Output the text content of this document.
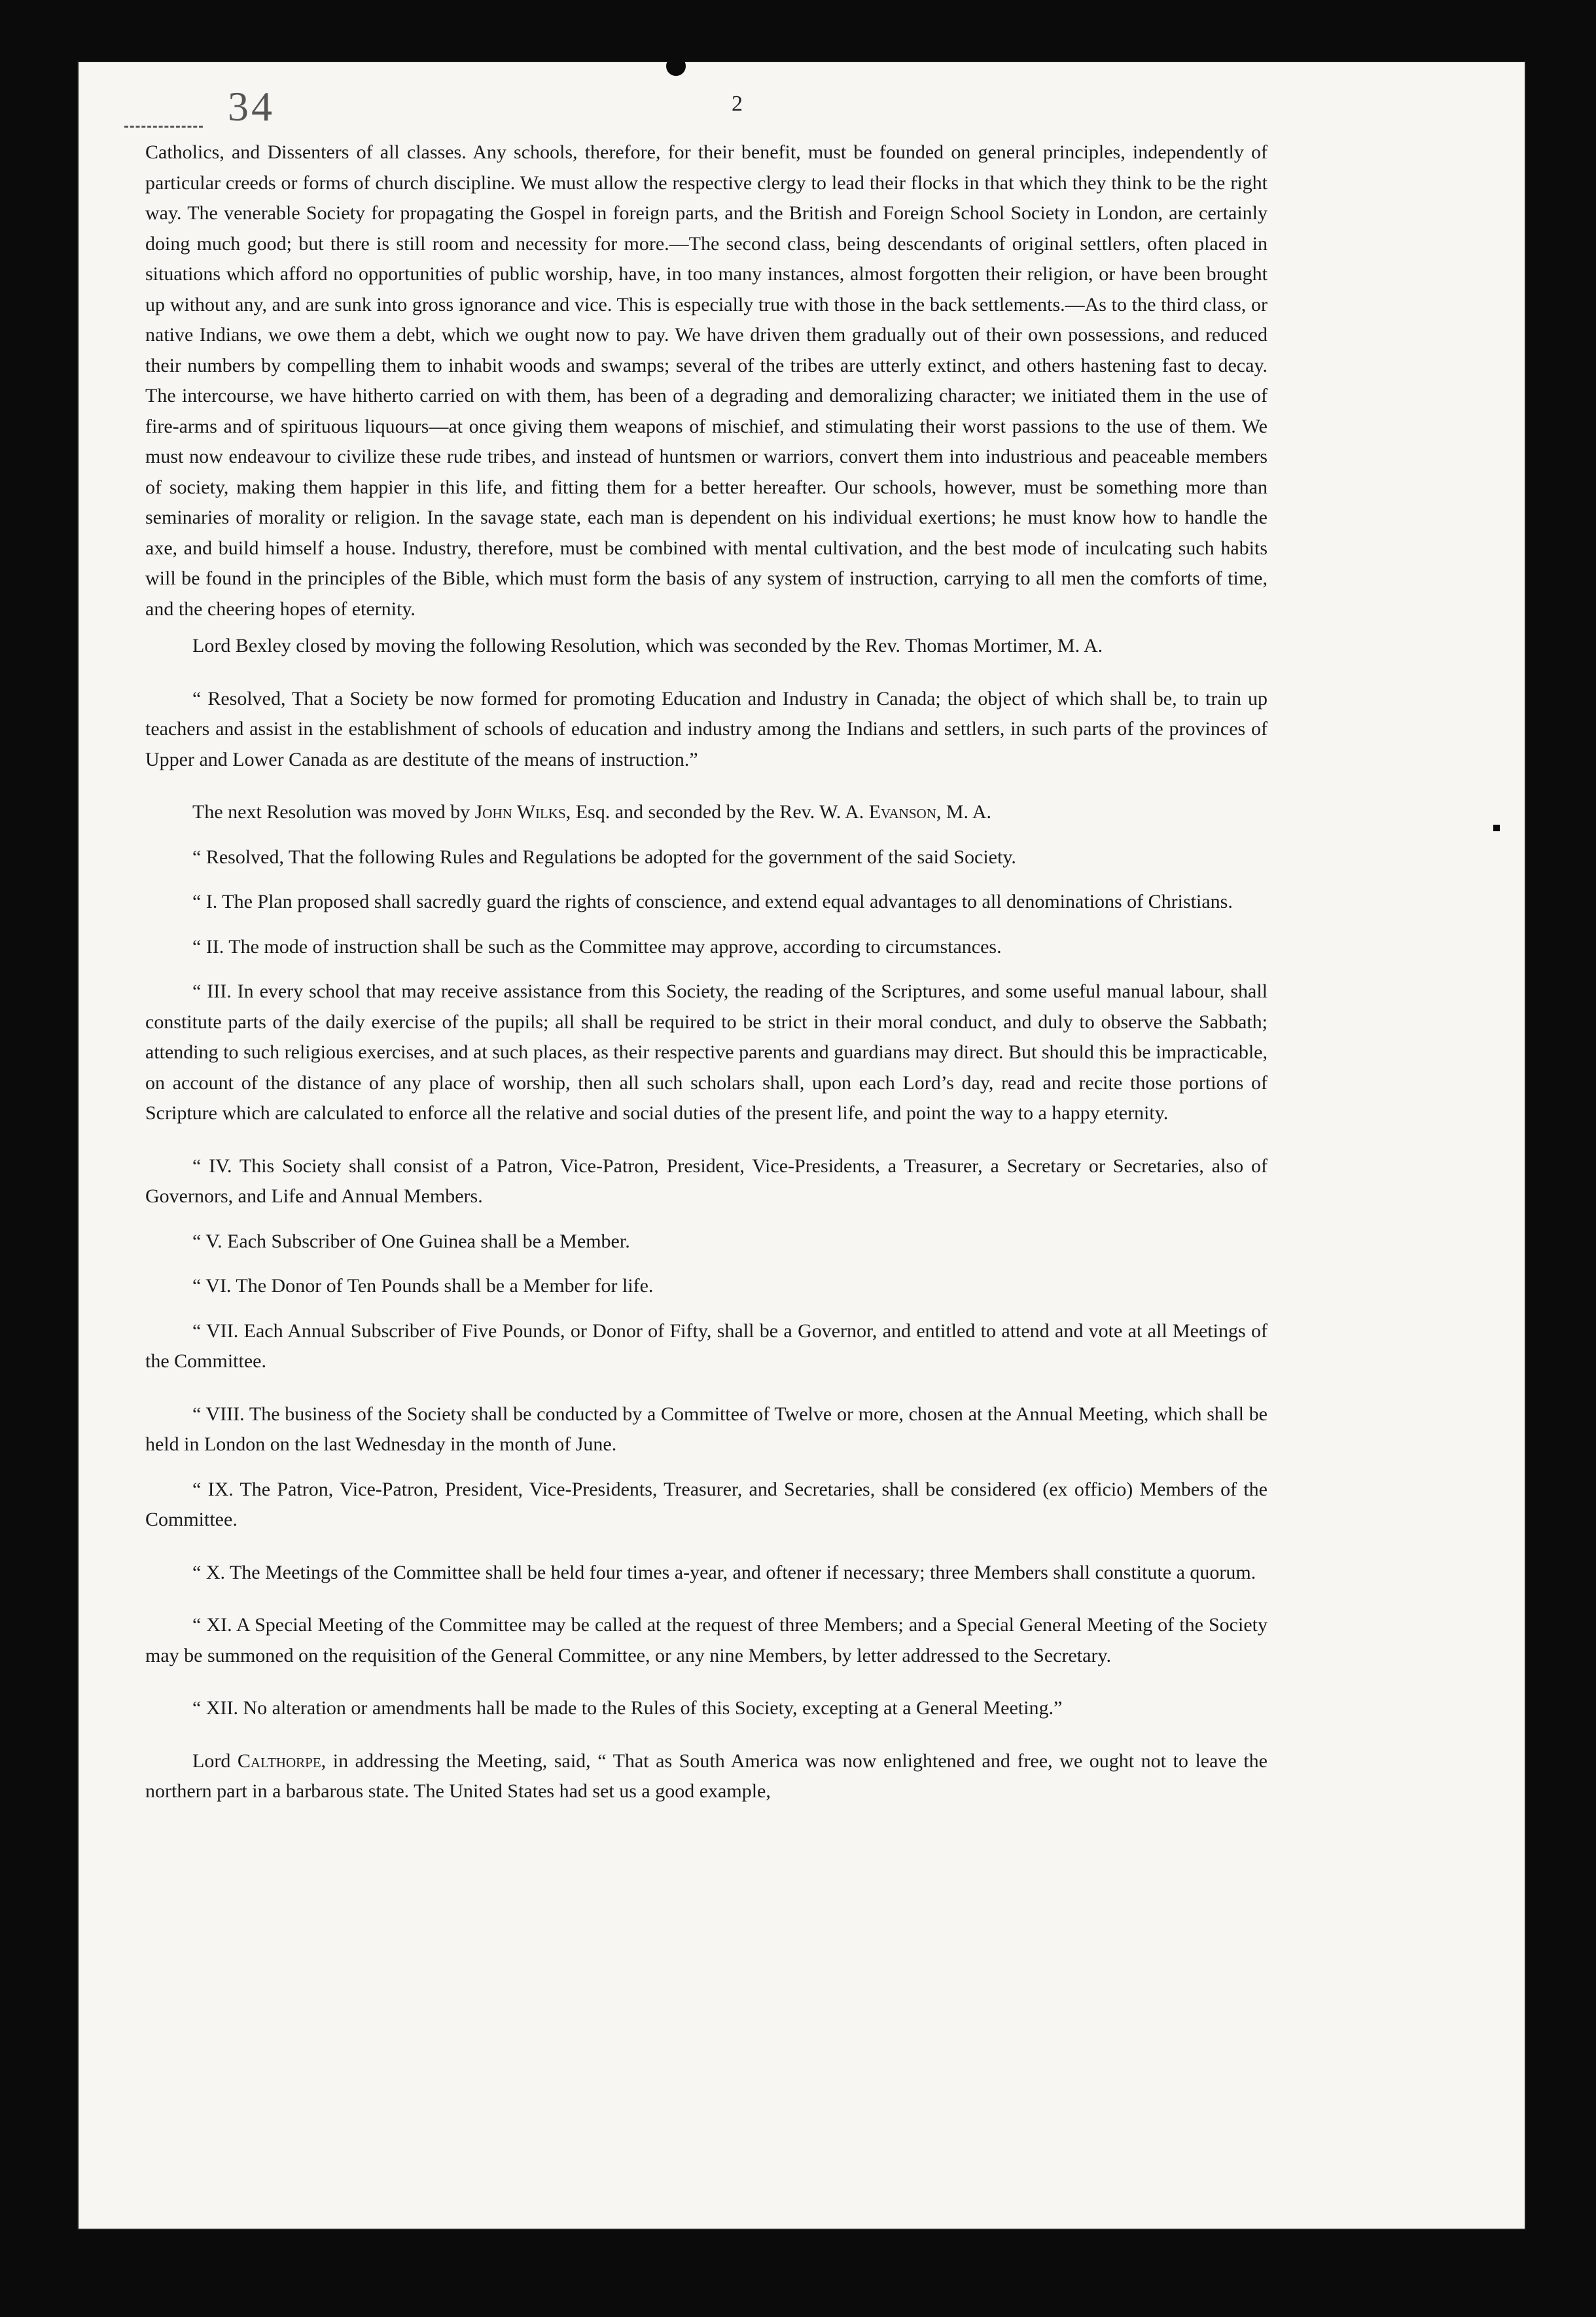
34	2

Catholics, and Dissenters of all classes. Any schools, therefore, for their benefit, must be founded on general principles, independently of particular creeds or forms of church discipline. We must allow the respective clergy to lead their flocks in that which they think to be the right way. The venerable Society for propagating the Gospel in foreign parts, and the British and Foreign School Society in London, are certainly doing much good; but there is still room and necessity for more.—The second class, being descendants of original settlers, often placed in situations which afford no opportunities of public worship, have, in too many instances, almost forgotten their religion, or have been brought up without any, and are sunk into gross ignorance and vice. This is especially true with those in the back settlements.—As to the third class, or native Indians, we owe them a debt, which we ought now to pay. We have driven them gradually out of their own possessions, and reduced their numbers by compelling them to inhabit woods and swamps; several of the tribes are utterly extinct, and others hastening fast to decay. The intercourse, we have hitherto carried on with them, has been of a degrading and demoralizing character; we initiated them in the use of fire-arms and of spirituous liquours—at once giving them weapons of mischief, and stimulating their worst passions to the use of them. We must now endeavour to civilize these rude tribes, and instead of huntsmen or warriors, convert them into industrious and peaceable members of society, making them happier in this life, and fitting them for a better hereafter. Our schools, however, must be something more than seminaries of morality or religion. In the savage state, each man is dependent on his individual exertions; he must know how to handle the axe, and build himself a house. Industry, therefore, must be combined with mental cultivation, and the best mode of inculcating such habits will be found in the principles of the Bible, which must form the basis of any system of instruction, carrying to all men the comforts of time, and the cheering hopes of eternity.

Lord Bexley closed by moving the following Resolution, which was seconded by the Rev. Thomas Mortimer, M. A.

“ Resolved, That a Society be now formed for promoting Education and Industry in Canada; the object of which shall be, to train up teachers and assist in the establishment of schools of education and industry among the Indians and settlers, in such parts of the provinces of Upper and Lower Canada as are destitute of the means of instruction.”

The next Resolution was moved by John Wilks, Esq. and seconded by the Rev. W. A. Evanson, M. A.

“ Resolved, That the following Rules and Regulations be adopted for the government of the said Society.

“ I. The Plan proposed shall sacredly guard the rights of conscience, and extend equal advantages to all denominations of Christians.

“ II. The mode of instruction shall be such as the Committee may approve, according to circumstances.

“ III. In every school that may receive assistance from this Society, the reading of the Scriptures, and some useful manual labour, shall constitute parts of the daily exercise of the pupils; all shall be required to be strict in their moral conduct, and duly to observe the Sabbath; attending to such religious exercises, and at such places, as their respective parents and guardians may direct. But should this be impracticable, on account of the distance of any place of worship, then all such scholars shall, upon each Lord’s day, read and recite those portions of Scripture which are calculated to enforce all the relative and social duties of the present life, and point the way to a happy eternity.

“ IV. This Society shall consist of a Patron, Vice-Patron, President, Vice-Presidents, a Treasurer, a Secretary or Secretaries, also of Governors, and Life and Annual Members.

“ V. Each Subscriber of One Guinea shall be a Member.

“ VI. The Donor of Ten Pounds shall be a Member for life.

“ VII. Each Annual Subscriber of Five Pounds, or Donor of Fifty, shall be a Governor, and entitled to attend and vote at all Meetings of the Committee.

“ VIII. The business of the Society shall be conducted by a Committee of Twelve or more, chosen at the Annual Meeting, which shall be held in London on the last Wednesday in the month of June.

“ IX. The Patron, Vice-Patron, President, Vice-Presidents, Treasurer, and Secretaries, shall be considered (ex officio) Members of the Committee.

“ X. The Meetings of the Committee shall be held four times a-year, and oftener if necessary; three Members shall constitute a quorum.

“ XI. A Special Meeting of the Committee may be called at the request of three Members; and a Special General Meeting of the Society may be summoned on the requisition of the General Committee, or any nine Members, by letter addressed to the Secretary.

“ XII. No alteration or amendments hall be made to the Rules of this Society, excepting at a General Meeting.”

Lord Calthorpe, in addressing the Meeting, said, “ That as South America was now enlightened and free, we ought not to leave the northern part in a barbarous state. The United States had set us a good example,
